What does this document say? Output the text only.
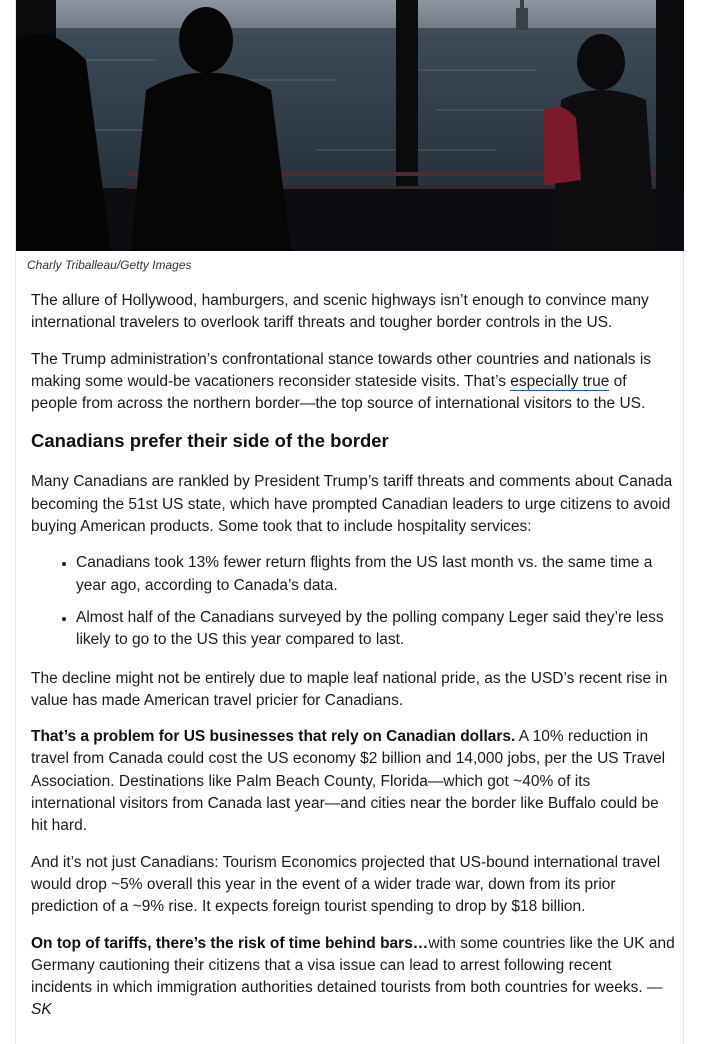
Charly Triballeau/Getty Images

The allure of Hollywood, hamburgers, and scenic highways isn’t enough to convince many international travelers to overlook tariff threats and tougher border controls in the US.

The Trump administration’s confrontational stance towards other countries and nationals is making some would-be vacationers reconsider stateside visits. That’s especially true of people from across the northern border—the top source of international visitors to the US.

Canadians prefer their side of the border

Many Canadians are rankled by President Trump’s tariff threats and comments about Canada becoming the 51st US state, which have prompted Canadian leaders to urge citizens to avoid buying American products. Some took that to include hospitality services:

• Canadians took 13% fewer return flights from the US last month vs. the same time a year ago, according to Canada’s data.
• Almost half of the Canadians surveyed by the polling company Leger said they’re less likely to go to the US this year compared to last.

The decline might not be entirely due to maple leaf national pride, as the USD’s recent rise in value has made American travel pricier for Canadians.

That’s a problem for US businesses that rely on Canadian dollars. A 10% reduction in travel from Canada could cost the US economy $2 billion and 14,000 jobs, per the US Travel Association. Destinations like Palm Beach County, Florida—which got ~40% of its international visitors from Canada last year—and cities near the border like Buffalo could be hit hard.

And it’s not just Canadians: Tourism Economics projected that US-bound international travel would drop ~5% overall this year in the event of a wider trade war, down from its prior prediction of a ~9% rise. It expects foreign tourist spending to drop by $18 billion.

On top of tariffs, there’s the risk of time behind bars…with some countries like the UK and Germany cautioning their citizens that a visa issue can lead to arrest following recent incidents in which immigration authorities detained tourists from both countries for weeks. —SK
